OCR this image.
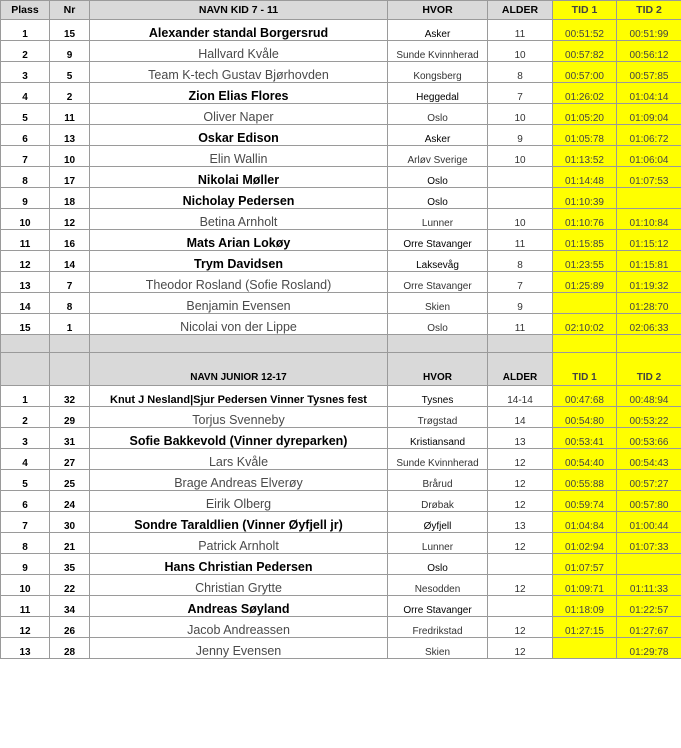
Plass	Nr	NAVN KID 7 - 11	HVOR	ALDER	TID 1	TID 2
1	15	Alexander standal Borgersrud	Asker	11	00:51:52	00:51:99
2	9	Hallvard Kvåle	Sunde Kvinnherad	10	00:57:82	00:56:12
3	5	Team K-tech Gustav Bjørhovden	Kongsberg	8	00:57:00	00:57:85
4	2	Zion Elias Flores	Heggedal	7	01:26:02	01:04:14
5	11	Oliver Naper	Oslo	10	01:05:20	01:09:04
6	13	Oskar Edison	Asker	9	01:05:78	01:06:72
7	10	Elin Wallin	Arløv Sverige	10	01:13:52	01:06:04
8	17	Nikolai Møller	Oslo		01:14:48	01:07:53
9	18	Nicholay Pedersen	Oslo		01:10:39	
10	12	Betina Arnholt	Lunner	10	01:10:76	01:10:84
11	16	Mats Arian Lokøy	Orre Stavanger	11	01:15:85	01:15:12
12	14	Trym Davidsen	Laksevåg	8	01:23:55	01:15:81
13	7	Theodor Rosland (Sofie Rosland)	Orre Stavanger	7	01:25:89	01:19:32
14	8	Benjamin Evensen	Skien	9		01:28:70
15	1	Nicolai von der Lippe	Oslo	11	02:10:02	02:06:33

		NAVN JUNIOR 12-17	HVOR	ALDER	TID 1	TID 2
1	32	Knut J Nesland|Sjur Pedersen Vinner Tysnes fest	Tysnes	14-14	00:47:68	00:48:94
2	29	Torjus Svenneby	Trøgstad	14	00:54:80	00:53:22
3	31	Sofie Bakkevold (Vinner dyreparken)	Kristiansand	13	00:53:41	00:53:66
4	27	Lars Kvåle	Sunde Kvinnherad	12	00:54:40	00:54:43
5	25	Brage Andreas Elverøy	Brårud	12	00:55:88	00:57:27
6	24	Eirik Olberg	Drøbak	12	00:59:74	00:57:80
7	30	Sondre Taraldlien (Vinner Øyfjell jr)	Øyfjell	13	01:04:84	01:00:44
8	21	Patrick Arnholt	Lunner	12	01:02:94	01:07:33
9	35	Hans Christian Pedersen	Oslo		01:07:57	
10	22	Christian Grytte	Nesodden	12	01:09:71	01:11:33
11	34	Andreas Søyland	Orre Stavanger		01:18:09	01:22:57
12	26	Jacob Andreassen	Fredrikstad	12	01:27:15	01:27:67
13	28	Jenny Evensen	Skien	12		01:29:78
